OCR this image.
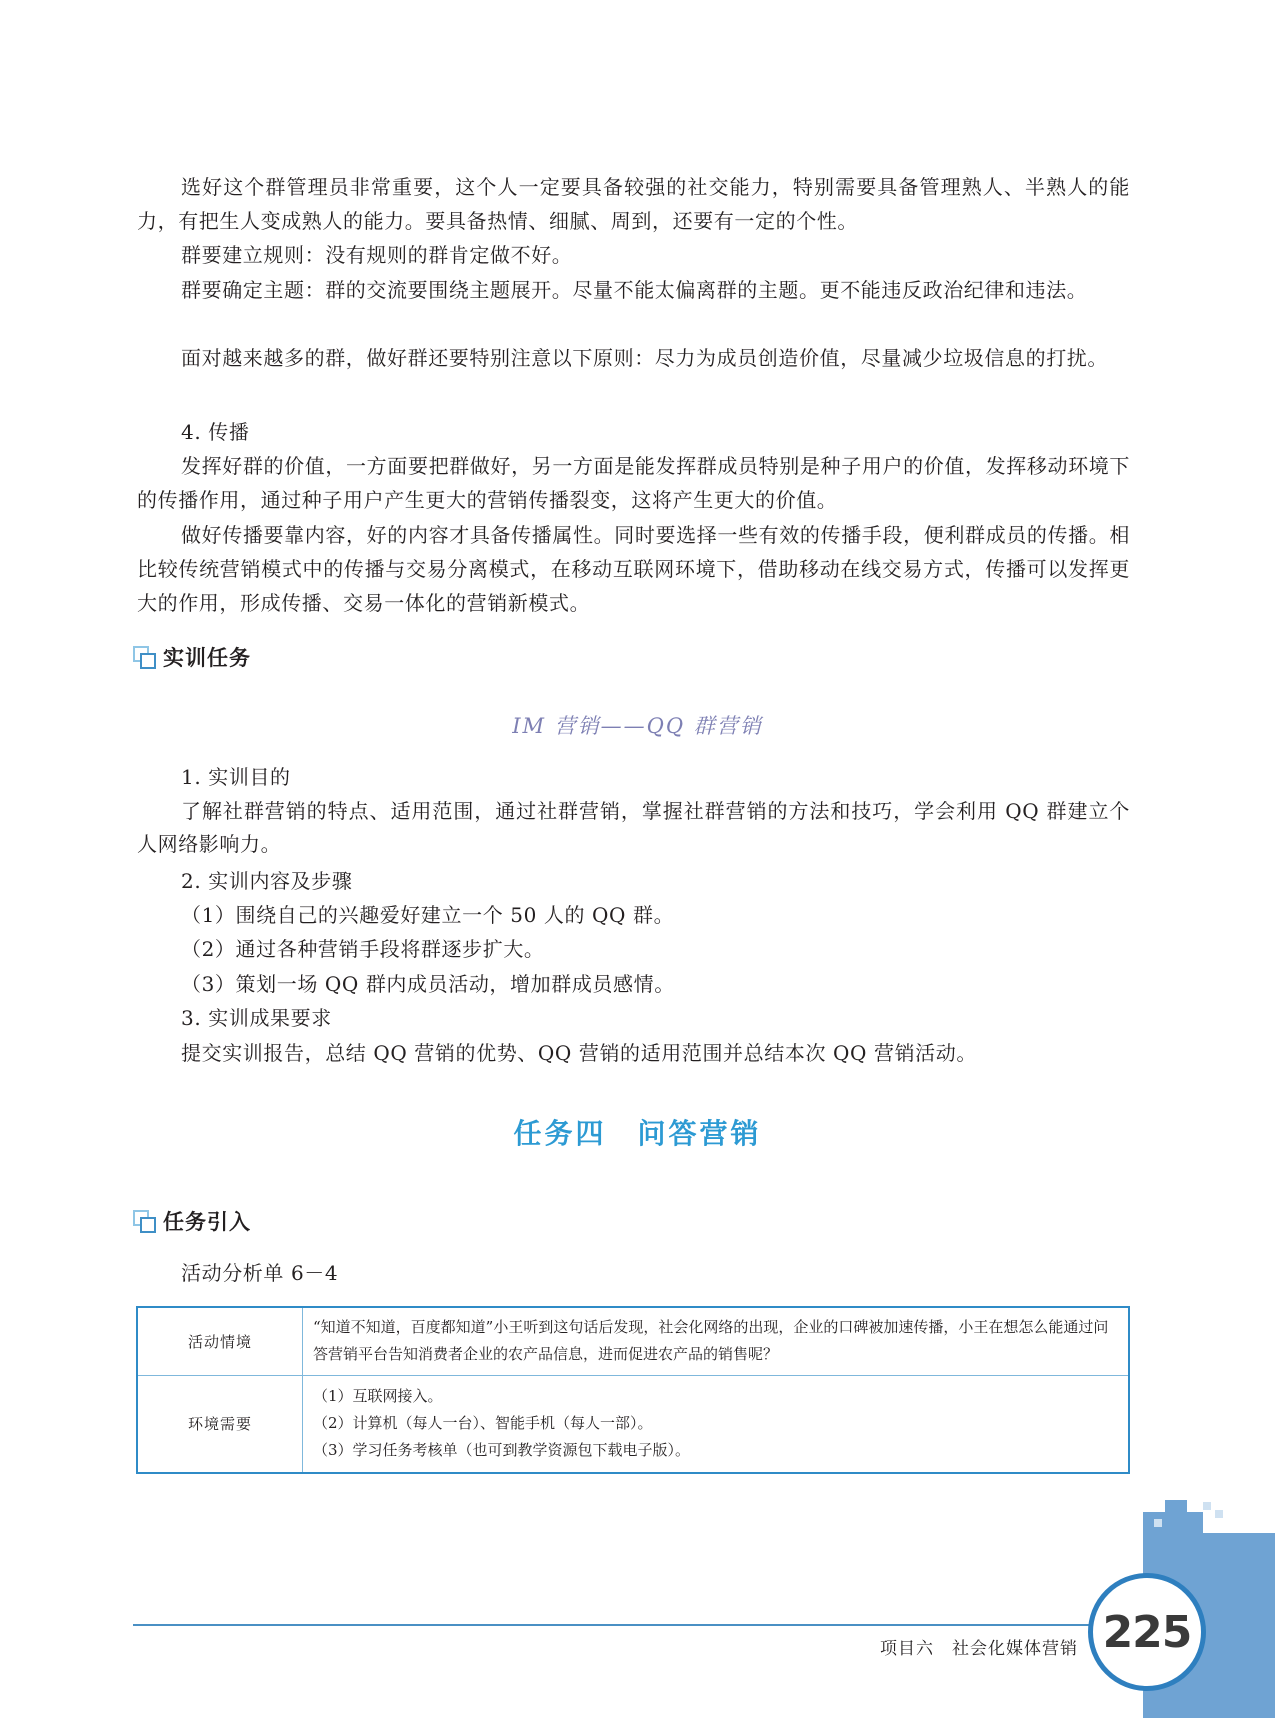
选好这个群管理员非常重要，这个人一定要具备较强的社交能力，特别需要具备管理熟人、半熟人的能力，有把生人变成熟人的能力。要具备热情、细腻、周到，还要有一定的个性。

群要建立规则：没有规则的群肯定做不好。

群要确定主题：群的交流要围绕主题展开。尽量不能太偏离群的主题。更不能违反政治纪律和违法。

面对越来越多的群，做好群还要特别注意以下原则：尽力为成员创造价值，尽量减少垃圾信息的打扰。

4. 传播

发挥好群的价值，一方面要把群做好，另一方面是能发挥群成员特别是种子用户的价值，发挥移动环境下的传播作用，通过种子用户产生更大的营销传播裂变，这将产生更大的价值。

做好传播要靠内容，好的内容才具备传播属性。同时要选择一些有效的传播手段，便利群成员的传播。相比较传统营销模式中的传播与交易分离模式，在移动互联网环境下，借助移动在线交易方式，传播可以发挥更大的作用，形成传播、交易一体化的营销新模式。

实训任务
IM 营销——QQ 群营销

1. 实训目的

了解社群营销的特点、适用范围，通过社群营销，掌握社群营销的方法和技巧，学会利用 QQ 群建立个人网络影响力。

2. 实训内容及步骤

（1）围绕自己的兴趣爱好建立一个 50 人的 QQ 群。

（2）通过各种营销手段将群逐步扩大。

（3）策划一场 QQ 群内成员活动，增加群成员感情。

3. 实训成果要求

提交实训报告，总结 QQ 营销的优势、QQ 营销的适用范围并总结本次 QQ 营销活动。

任务四　问答营销
任务引入

活动分析单 6－4

活动情境	“知道不知道，百度都知道”小王听到这句话后发现，社会化网络的出现，企业的口碑被加速传播，小王在想怎么能通过问答营销平台告知消费者企业的农产品信息，进而促进农产品的销售呢？
环境需要	（1）互联网接入。
（2）计算机（每人一台）、智能手机（每人一部）。
（3）学习任务考核单（也可到教学资源包下载电子版）。
项目六　社会化媒体营销 225
